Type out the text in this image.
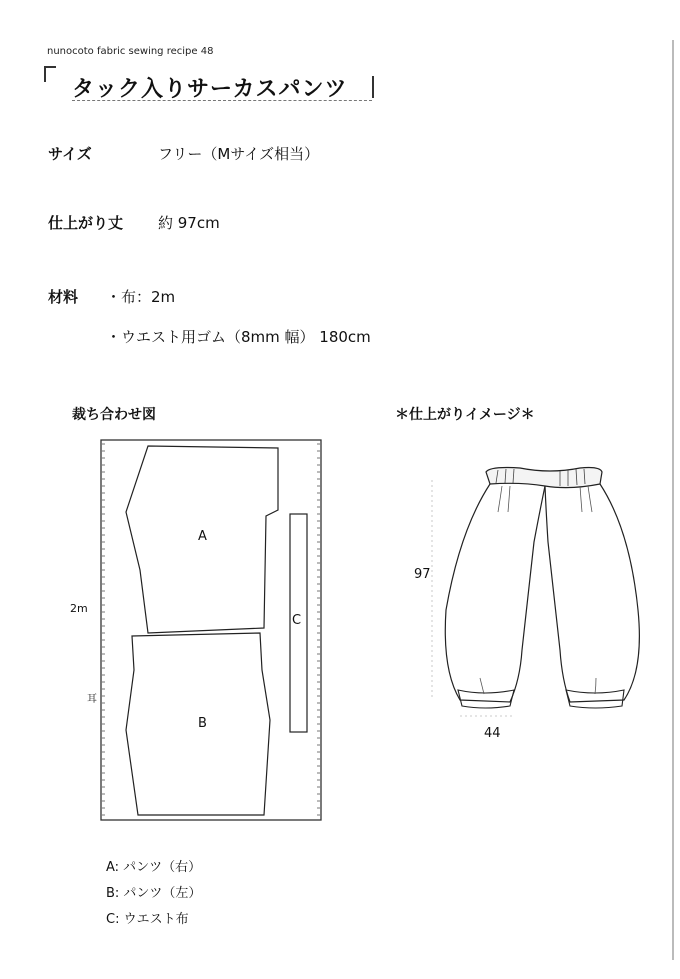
nunocoto fabric sewing recipe 48
タック入りサーカスパンツ
サイズ	フリー（Mサイズ相当）
仕上がり丈 約 97cm
材料 ・布：2m
・ウエスト用ゴム（8mm 幅） 180cm
裁ち合わせ図	＊仕上がりイメージ＊
A
B
C
2m
耳
A: パンツ（右）
B: パンツ（左）
C: ウエスト布
97
44
